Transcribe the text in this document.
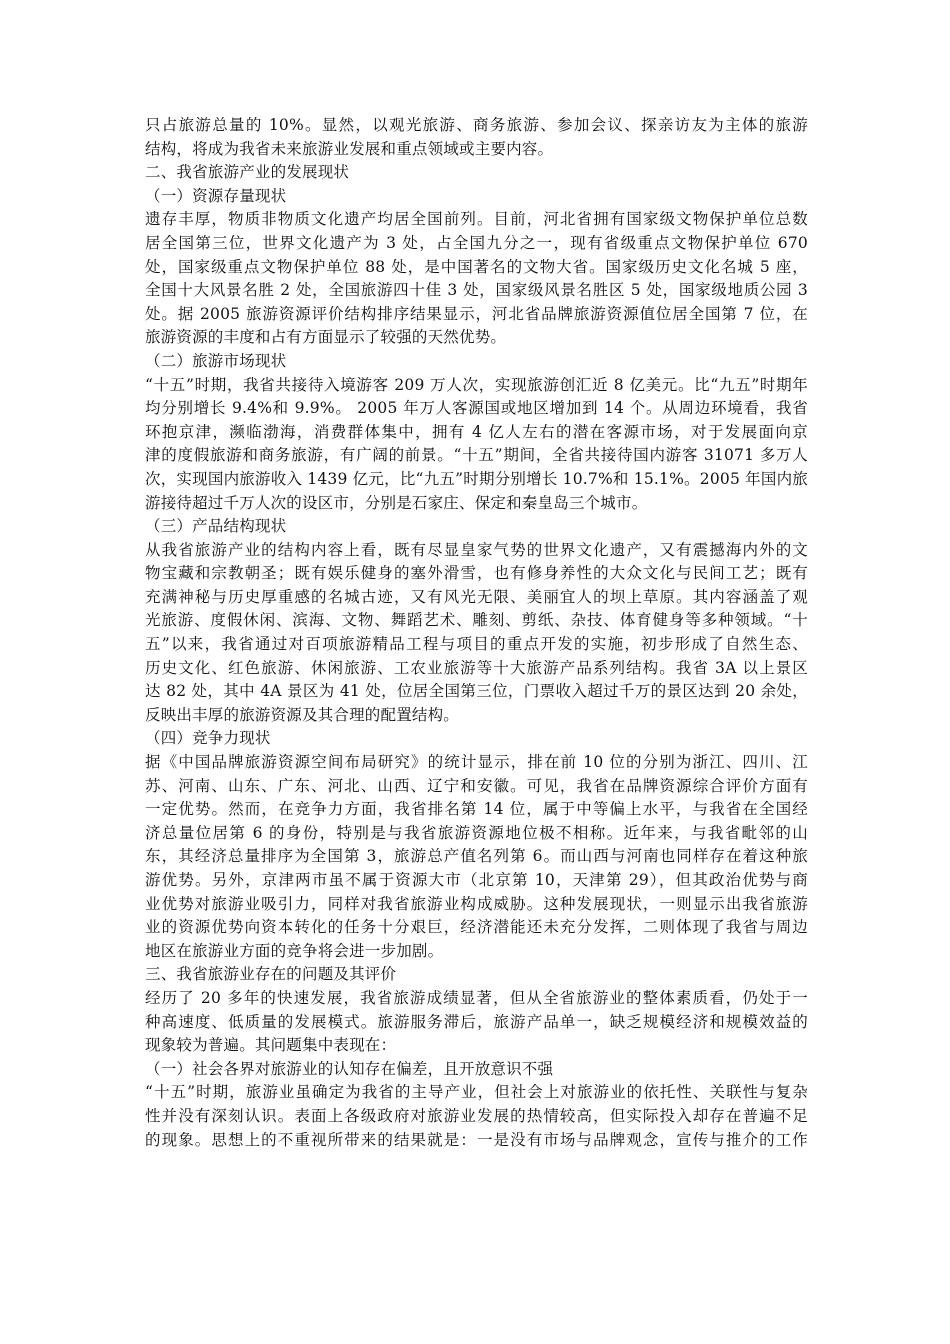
只占旅游总量的 10%。显然，以观光旅游、商务旅游、参加会议、探亲访友为主体的旅游

结构，将成为我省未来旅游业发展和重点领域或主要内容。

二、我省旅游产业的发展现状

（一）资源存量现状

遗存丰厚，物质非物质文化遗产均居全国前列。目前，河北省拥有国家级文物保护单位总数

居全国第三位，世界文化遗产为 3 处，占全国九分之一，现有省级重点文物保护单位 670

处，国家级重点文物保护单位 88 处，是中国著名的文物大省。国家级历史文化名城 5 座，

全国十大风景名胜 2 处，全国旅游四十佳 3 处，国家级风景名胜区 5 处，国家级地质公园 3

处。据 2005 旅游资源评价结构排序结果显示，河北省品牌旅游资源值位居全国第 7 位，在

旅游资源的丰度和占有方面显示了较强的天然优势。

（二）旅游市场现状

“十五”时期，我省共接待入境游客 209 万人次，实现旅游创汇近 8 亿美元。比“九五”时期年

均分别增长 9.4%和 9.9%。 2005 年万人客源国或地区增加到 14 个。从周边环境看，我省

环抱京津，濒临渤海，消费群体集中，拥有 4 亿人左右的潜在客源市场，对于发展面向京

津的度假旅游和商务旅游，有广阔的前景。“十五”期间，全省共接待国内游客 31071 多万人

次，实现国内旅游收入 1439 亿元，比“九五”时期分别增长 10.7%和 15.1%。2005 年国内旅

游接待超过千万人次的设区市，分别是石家庄、保定和秦皇岛三个城市。

（三）产品结构现状

从我省旅游产业的结构内容上看，既有尽显皇家气势的世界文化遗产，又有震撼海内外的文

物宝藏和宗教朝圣；既有娱乐健身的塞外滑雪，也有修身养性的大众文化与民间工艺；既有

充满神秘与历史厚重感的名城古迹，又有风光无限、美丽宜人的坝上草原。其内容涵盖了观

光旅游、度假休闲、滨海、文物、舞蹈艺术、雕刻、剪纸、杂技、体育健身等多种领域。“十

五”以来，我省通过对百项旅游精品工程与项目的重点开发的实施，初步形成了自然生态、

历史文化、红色旅游、休闲旅游、工农业旅游等十大旅游产品系列结构。我省 3A 以上景区

达 82 处，其中 4A 景区为 41 处，位居全国第三位，门票收入超过千万的景区达到 20 余处，

反映出丰厚的旅游资源及其合理的配置结构。

（四）竞争力现状

据《中国品牌旅游资源空间布局研究》的统计显示，排在前 10 位的分别为浙江、四川、江

苏、河南、山东、广东、河北、山西、辽宁和安徽。可见，我省在品牌资源综合评价方面有

一定优势。然而，在竞争力方面，我省排名第 14 位，属于中等偏上水平，与我省在全国经

济总量位居第 6 的身份，特别是与我省旅游资源地位极不相称。近年来，与我省毗邻的山

东，其经济总量排序为全国第 3，旅游总产值名列第 6。而山西与河南也同样存在着这种旅

游优势。另外，京津两市虽不属于资源大市（北京第 10，天津第 29），但其政治优势与商

业优势对旅游业吸引力，同样对我省旅游业构成威胁。这种发展现状，一则显示出我省旅游

业的资源优势向资本转化的任务十分艰巨，经济潜能还未充分发挥，二则体现了我省与周边

地区在旅游业方面的竞争将会进一步加剧。

三、我省旅游业存在的问题及其评价

经历了 20 多年的快速发展，我省旅游成绩显著，但从全省旅游业的整体素质看，仍处于一

种高速度、低质量的发展模式。旅游服务滞后，旅游产品单一，缺乏规模经济和规模效益的

现象较为普遍。其问题集中表现在：

（一）社会各界对旅游业的认知存在偏差，且开放意识不强

“十五”时期，旅游业虽确定为我省的主导产业，但社会上对旅游业的依托性、关联性与复杂

性并没有深刻认识。表面上各级政府对旅游业发展的热情较高，但实际投入却存在普遍不足

的现象。思想上的不重视所带来的结果就是：一是没有市场与品牌观念，宣传与推介的工作
